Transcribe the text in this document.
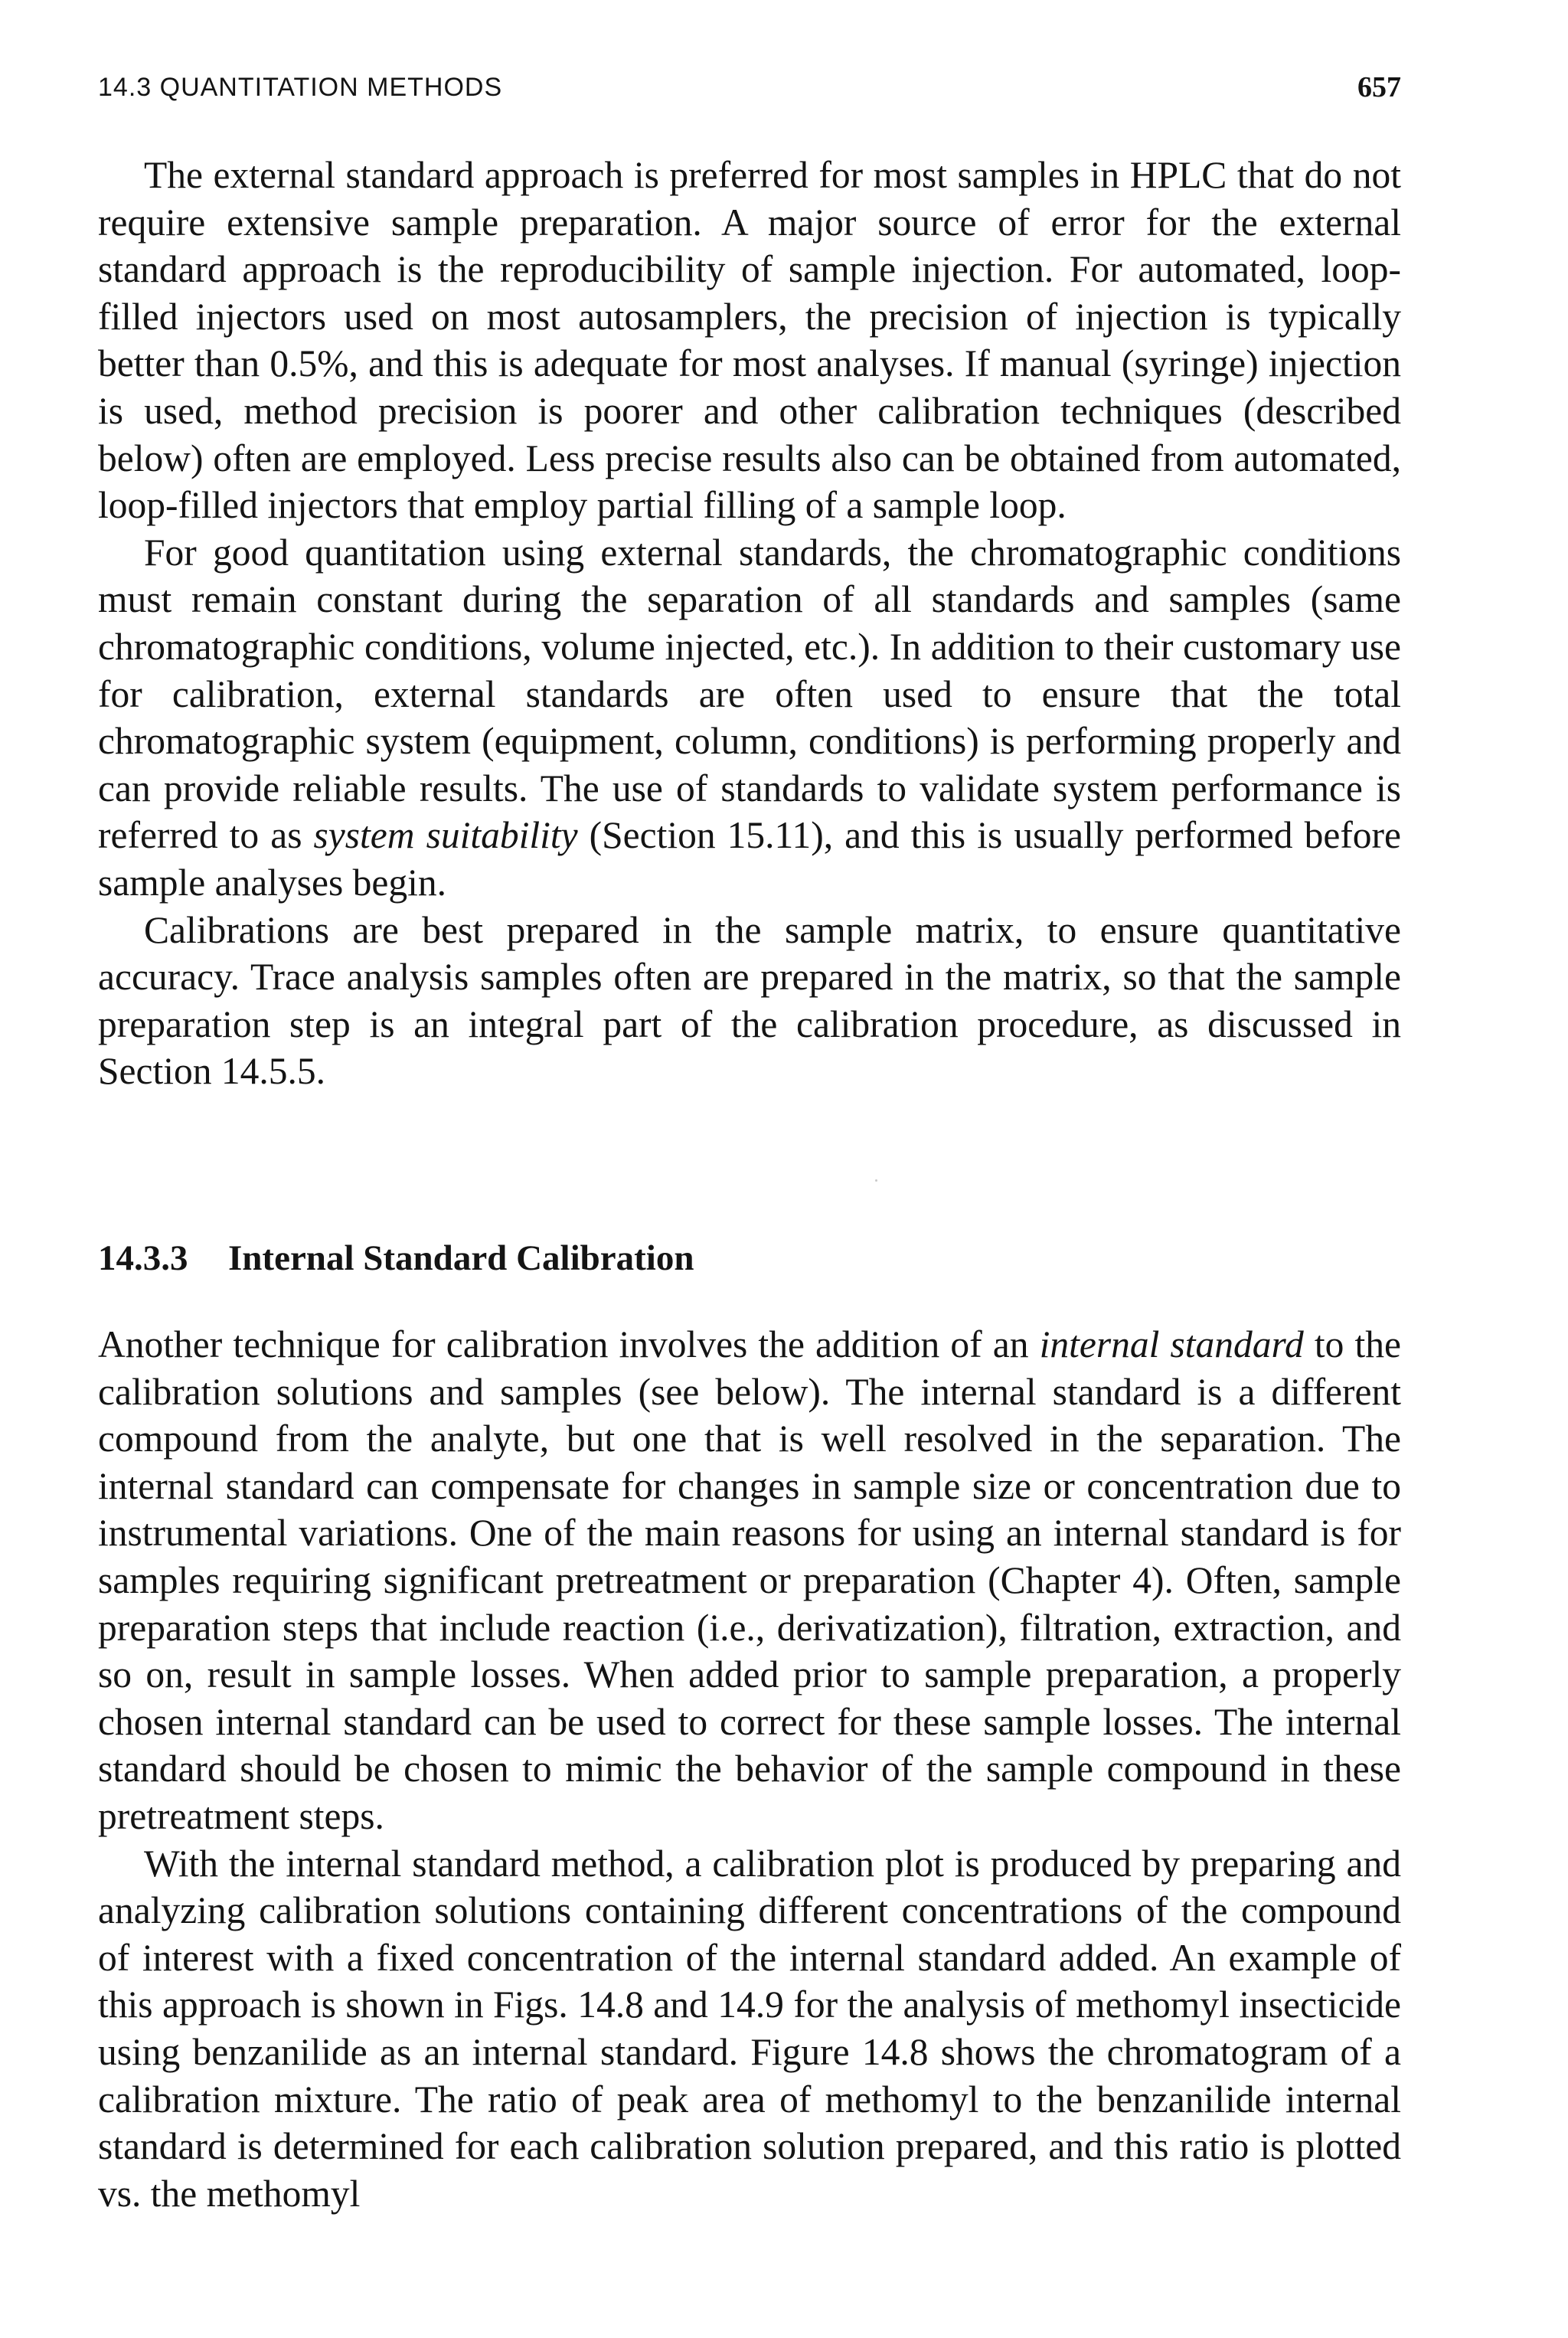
14.3 QUANTITATION METHODS	657

The external standard approach is preferred for most samples in HPLC that do not require extensive sample preparation. A major source of error for the external standard approach is the reproducibility of sample injection. For automated, loop-filled injectors used on most autosamplers, the precision of injection is typically better than 0.5%, and this is adequate for most analyses. If manual (syringe) injection is used, method precision is poorer and other calibration techniques (described below) often are employed. Less precise results also can be obtained from automated, loop-filled injectors that employ partial filling of a sample loop.

For good quantitation using external standards, the chromatographic conditions must remain constant during the separation of all standards and samples (same chromatographic conditions, volume injected, etc.). In addition to their customary use for calibration, external standards are often used to ensure that the total chromatographic system (equipment, column, conditions) is performing properly and can provide reliable results. The use of standards to validate system performance is referred to as system suitability (Section 15.11), and this is usually performed before sample analyses begin.

Calibrations are best prepared in the sample matrix, to ensure quantitative accuracy. Trace analysis samples often are prepared in the matrix, so that the sample preparation step is an integral part of the calibration procedure, as discussed in Section 14.5.5.

14.3.3 Internal Standard Calibration

Another technique for calibration involves the addition of an internal standard to the calibration solutions and samples (see below). The internal standard is a different compound from the analyte, but one that is well resolved in the separation. The internal standard can compensate for changes in sample size or concentration due to instrumental variations. One of the main reasons for using an internal standard is for samples requiring significant pretreatment or preparation (Chapter 4). Often, sample preparation steps that include reaction (i.e., derivatization), filtration, extraction, and so on, result in sample losses. When added prior to sample preparation, a properly chosen internal standard can be used to correct for these sample losses. The internal standard should be chosen to mimic the behavior of the sample compound in these pretreatment steps.

With the internal standard method, a calibration plot is produced by preparing and analyzing calibration solutions containing different concentrations of the compound of interest with a fixed concentration of the internal standard added. An example of this approach is shown in Figs. 14.8 and 14.9 for the analysis of methomyl insecticide using benzanilide as an internal standard. Figure 14.8 shows the chromatogram of a calibration mixture. The ratio of peak area of methomyl to the benzanilide internal standard is determined for each calibration solution prepared, and this ratio is plotted vs. the methomyl
